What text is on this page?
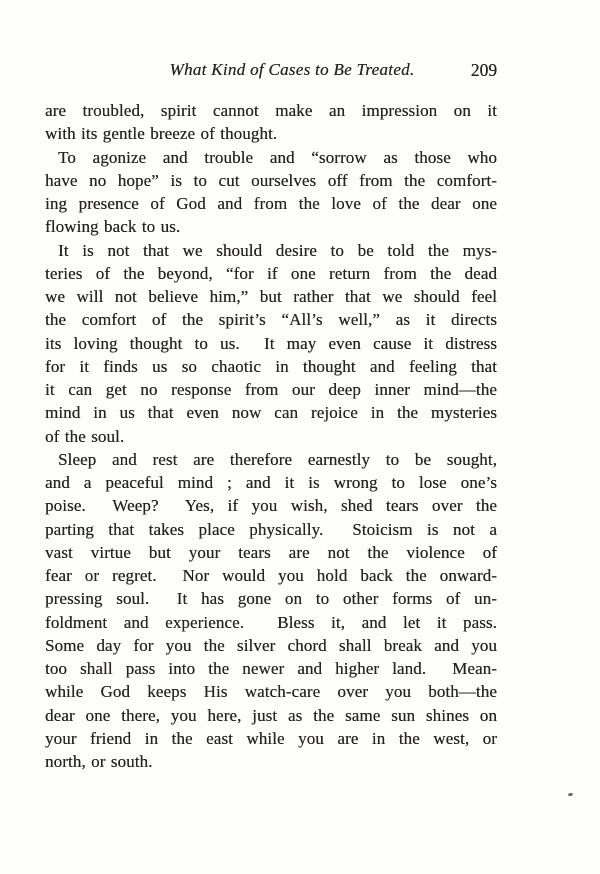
What Kind of Cases to Be Treated.	209
are troubled, spirit cannot make an impression on it
with its gentle breeze of thought.
To agonize and trouble and “sorrow as those who
have no hope” is to cut ourselves off from the comfort-
ing presence of God and from the love of the dear one
flowing back to us.
It is not that we should desire to be told the mys-
teries of the beyond, “for if one return from the dead
we will not believe him,” but rather that we should feel
the comfort of the spirit’s “All’s well,” as it directs
its loving thought to us.  It may even cause it distress
for it finds us so chaotic in thought and feeling that
it can get no response from our deep inner mind—the
mind in us that even now can rejoice in the mysteries
of the soul.
Sleep and rest are therefore earnestly to be sought,
and a peaceful mind ; and it is wrong to lose one’s
poise.  Weep?  Yes, if you wish, shed tears over the
parting that takes place physically.  Stoicism is not a
vast virtue but your tears are not the violence of
fear or regret.  Nor would you hold back the onward-
pressing soul.  It has gone on to other forms of un-
foldment and experience.  Bless it, and let it pass.
Some day for you the silver chord shall break and you
too shall pass into the newer and higher land.  Mean-
while God keeps His watch-care over you both—the
dear one there, you here, just as the same sun shines on
your friend in the east while you are in the west, or
north, or south.
